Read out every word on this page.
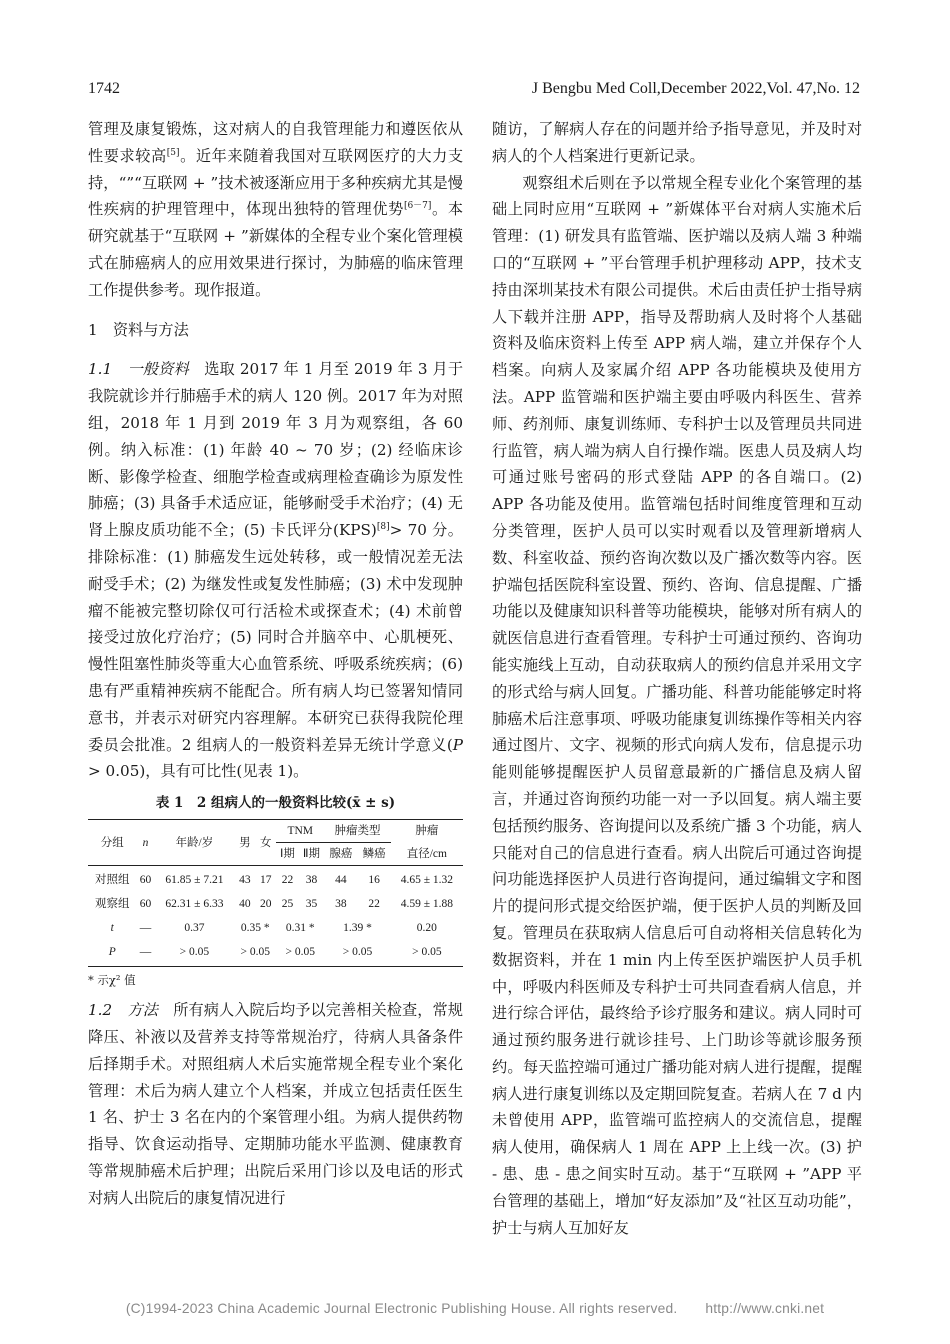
1742	J Bengbu Med Coll,December 2022,Vol. 47,No. 12

管理及康复锻炼，这对病人的自我管理能力和遵医依从性要求较高[5]。近年来随着我国对互联网医疗的大力支持，“”“互联网 + ”技术被逐渐应用于多种疾病尤其是慢性疾病的护理管理中，体现出独特的管理优势[6－7]。本研究就基于“互联网 + ”新媒体的全程专业个案化管理模式在肺癌病人的应用效果进行探讨，为肺癌的临床管理工作提供参考。现作报道。

1　资料与方法

1.1　一般资料　选取 2017 年 1 月至 2019 年 3 月于我院就诊并行肺癌手术的病人 120 例。2017 年为对照组，2018 年 1 月到 2019 年 3 月为观察组，各 60 例。纳入标准：(1) 年龄 40 ~ 70 岁；(2) 经临床诊断、影像学检查、细胞学检查或病理检查确诊为原发性肺癌；(3) 具备手术适应证，能够耐受手术治疗；(4) 无肾上腺皮质功能不全；(5) 卡氏评分(KPS)[8]> 70 分。排除标准：(1) 肺癌发生远处转移，或一般情况差无法耐受手术；(2) 为继发性或复发性肺癌；(3) 术中发现肿瘤不能被完整切除仅可行活检术或探查术；(4) 术前曾接受过放化疗治疗；(5) 同时合并脑卒中、心肌梗死、慢性阻塞性肺炎等重大心血管系统、呼吸系统疾病；(6) 患有严重精神疾病不能配合。所有病人均已签署知情同意书，并表示对研究内容理解。本研究已获得我院伦理委员会批准。2 组病人的一般资料差异无统计学意义(P > 0.05)，具有可比性(见表 1)。

表 1　2 组病人的一般资料比较(x̄ ± s)
分组	n	年龄/岁	男	女	TNM		肿瘤类型		肿瘤
					Ⅰ期	Ⅱ期	腺癌	鳞癌	直径/cm
对照组	60	61.85 ± 7.21	43	17	22	38	44	16	4.65 ± 1.32
观察组	60	62.31 ± 6.33	40	20	25	35	38	22	4.59 ± 1.88
t	—	0.37	0.35 *		0.31 *		1.39 *		0.20
P	—	> 0.05	> 0.05		> 0.05		> 0.05		> 0.05
* 示χ² 值

1.2　方法　所有病人入院后均予以完善相关检查，常规降压、补液以及营养支持等常规治疗，待病人具备条件后择期手术。对照组病人术后实施常规全程专业个案化管理：术后为病人建立个人档案，并成立包括责任医生 1 名、护士 3 名在内的个案管理小组。为病人提供药物指导、饮食运动指导、定期肺功能水平监测、健康教育等常规肺癌术后护理；出院后采用门诊以及电话的形式对病人出院后的康复情况进行

随访，了解病人存在的问题并给予指导意见，并及时对病人的个人档案进行更新记录。

观察组术后则在予以常规全程专业化个案管理的基础上同时应用“互联网 + ”新媒体平台对病人实施术后管理：(1) 研发具有监管端、医护端以及病人端 3 种端口的“互联网 + ”平台管理手机护理移动 APP，技术支持由深圳某技术有限公司提供。术后由责任护士指导病人下载并注册 APP，指导及帮助病人及时将个人基础资料及临床资料上传至 APP 病人端，建立并保存个人档案。向病人及家属介绍 APP 各功能模块及使用方法。APP 监管端和医护端主要由呼吸内科医生、营养师、药剂师、康复训练师、专科护士以及管理员共同进行监管，病人端为病人自行操作端。医患人员及病人均可通过账号密码的形式登陆 APP 的各自端口。(2) APP 各功能及使用。监管端包括时间维度管理和互动分类管理，医护人员可以实时观看以及管理新增病人数、科室收益、预约咨询次数以及广播次数等内容。医护端包括医院科室设置、预约、咨询、信息提醒、广播功能以及健康知识科普等功能模块，能够对所有病人的就医信息进行查看管理。专科护士可通过预约、咨询功能实施线上互动，自动获取病人的预约信息并采用文字的形式给与病人回复。广播功能、科普功能能够定时将肺癌术后注意事项、呼吸功能康复训练操作等相关内容通过图片、文字、视频的形式向病人发布，信息提示功能则能够提醒医护人员留意最新的广播信息及病人留言，并通过咨询预约功能一对一予以回复。病人端主要包括预约服务、咨询提问以及系统广播 3 个功能，病人只能对自己的信息进行查看。病人出院后可通过咨询提问功能选择医护人员进行咨询提问，通过编辑文字和图片的提问形式提交给医护端，便于医护人员的判断及回复。管理员在获取病人信息后可自动将相关信息转化为数据资料，并在 1 min 内上传至医护端医护人员手机中，呼吸内科医师及专科护士可共同查看病人信息，并进行综合评估，最终给予诊疗服务和建议。病人同时可通过预约服务进行就诊挂号、上门助诊等就诊服务预约。每天监控端可通过广播功能对病人进行提醒，提醒病人进行康复训练以及定期回院复查。若病人在 7 d 内未曾使用 APP，监管端可监控病人的交流信息，提醒病人使用，确保病人 1 周在 APP 上上线一次。(3) 护 - 患、患 - 患之间实时互动。基于“互联网 + ”APP 平台管理的基础上，增加“好友添加”及“社区互动功能”，护士与病人互加好友

(C)1994-2023 China Academic Journal Electronic Publishing House. All rights reserved.　　http://www.cnki.net
